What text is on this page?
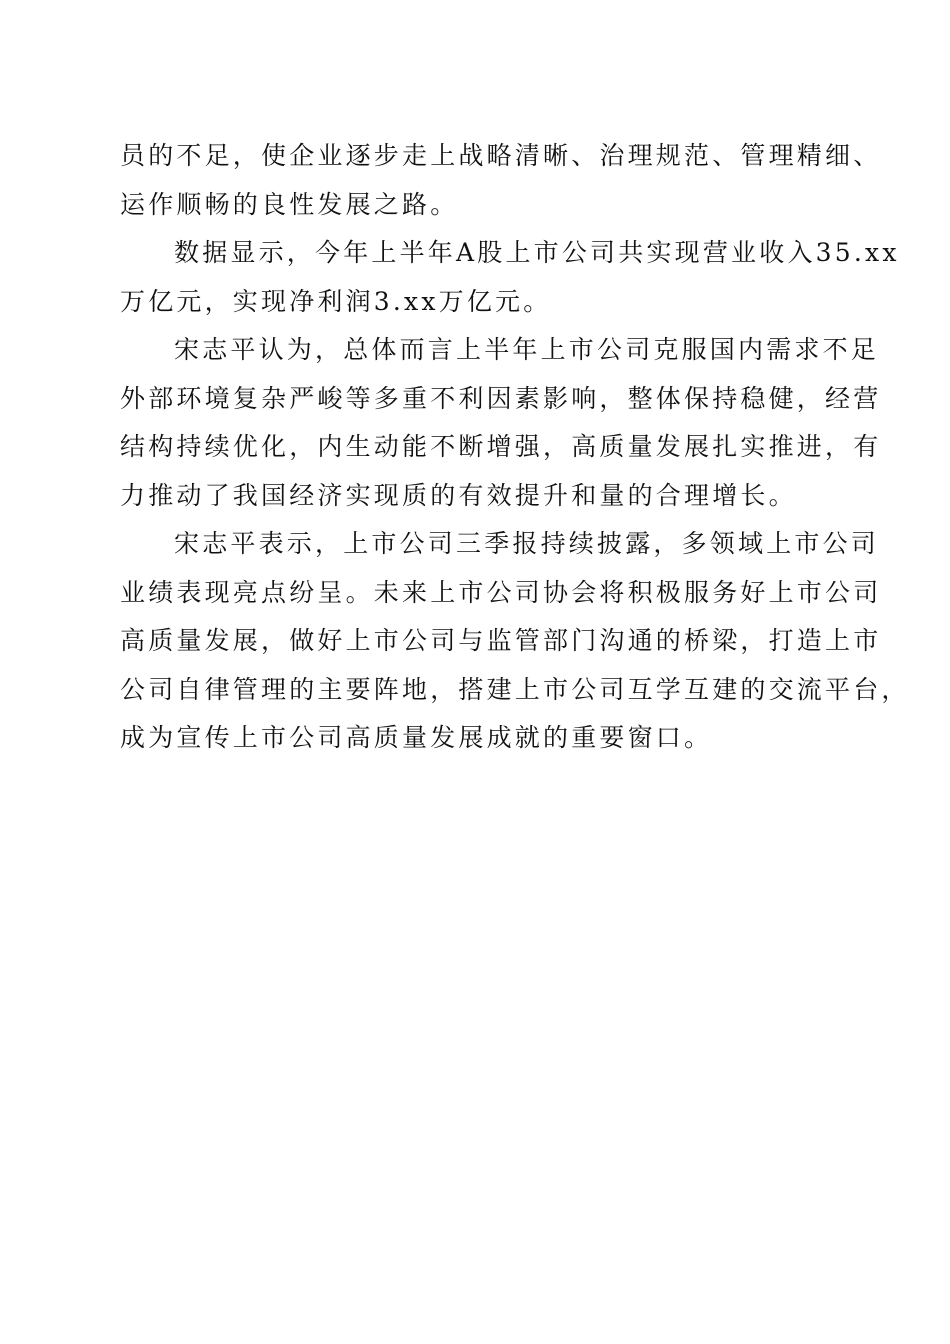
员的不足，使企业逐步走上战略清晰、治理规范、管理精细、
运作顺畅的良性发展之路。
数据显示，今年上半年A股上市公司共实现营业收入35.xx
万亿元，实现净利润3.xx万亿元。
宋志平认为，总体而言上半年上市公司克服国内需求不足
外部环境复杂严峻等多重不利因素影响，整体保持稳健，经营
结构持续优化，内生动能不断增强，高质量发展扎实推进，有
力推动了我国经济实现质的有效提升和量的合理增长。
宋志平表示，上市公司三季报持续披露，多领域上市公司
业绩表现亮点纷呈。未来上市公司协会将积极服务好上市公司
高质量发展，做好上市公司与监管部门沟通的桥梁，打造上市
公司自律管理的主要阵地，搭建上市公司互学互建的交流平台，
成为宣传上市公司高质量发展成就的重要窗口。
